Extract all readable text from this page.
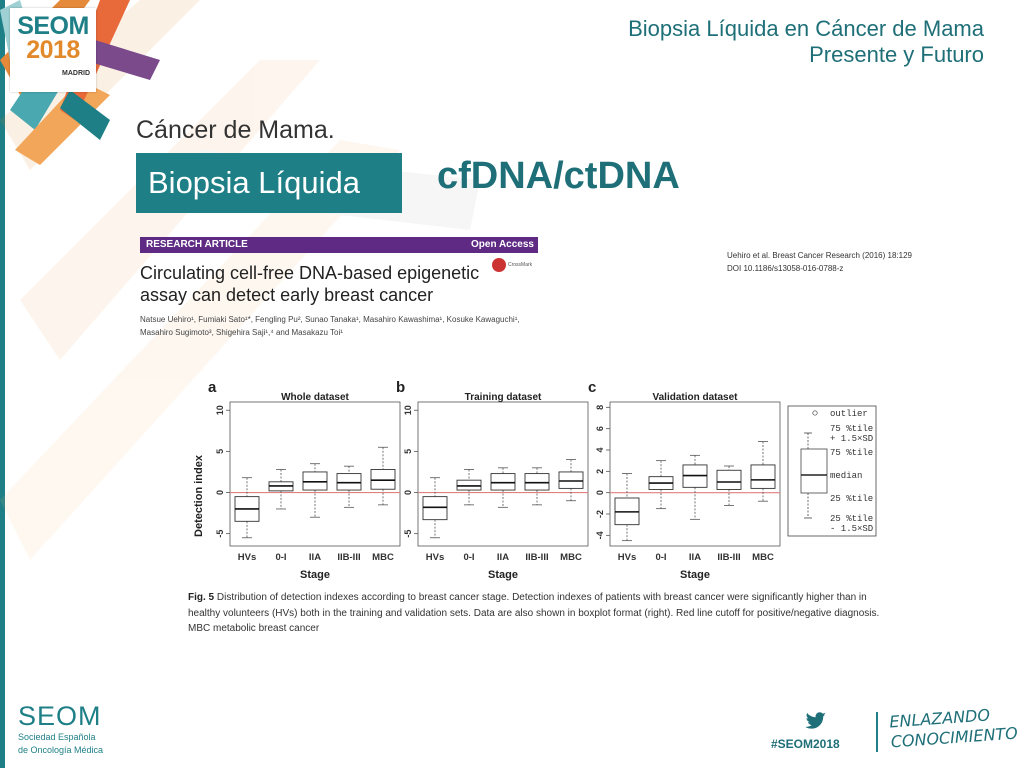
SEOM
2018
MADRID
Biopsia Líquida en Cáncer de Mama
Presente y Futuro
Cáncer de Mama.
Biopsia Líquida	cfDNA/ctDNA
RESEARCH ARTICLE	Open Access
Circulating cell-free DNA-based epigenetic
assay can detect early breast cancer
CrossMark
Natsue Uehiro¹, Fumiaki Sato¹*, Fengling Pu², Sunao Tanaka¹, Masahiro Kawashima¹, Kosuke Kawaguchi¹,
Masahiro Sugimoto³, Shigehira Saji¹,⁴ and Masakazu Toi¹
Uehiro et al. Breast Cancer Research (2016) 18:129
DOI 10.1186/s13058-016-0788-z
Detection index
a
Whole dataset
10
5
0
-5
HVs 0-I IIA IIB-III MBC
Stage
b
Training dataset
10
5
0
-5
HVs 0-I IIA IIB-III MBC
Stage
c
Validation dataset
8
6
4
2
0
-2
-4
HVs 0-I IIA IIB-III MBC
Stage
outlier
75 %tile
+ 1.5×SD
75 %tile
median
25 %tile
25 %tile
- 1.5×SD
Fig. 5 Distribution of detection indexes according to breast cancer stage. Detection indexes of patients with breast cancer were significantly higher than in healthy volunteers (HVs) both in the training and validation sets. Data are also shown in boxplot format (right). Red line cutoff for positive/negative diagnosis. MBC metabolic breast cancer
SEOM
Sociedad Española
de Oncología Médica	#SEOM2018
ENLAZANDO
CONOCIMIENTO
